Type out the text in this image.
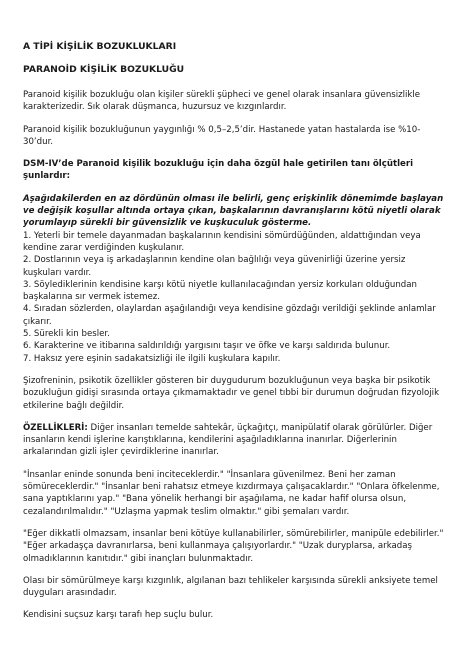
A TİPİ KİŞİLİK BOZUKLUKLARI
PARANOİD KİŞİLİK BOZUKLUĞU

Paranoid kişilik bozukluğu olan kişiler sürekli şüpheci ve genel olarak insanlara güvensizlikle karakterizedir. Sık olarak düşmanca, huzursuz ve kızgınlardır.

Paranoid kişilik bozukluğunun yaygınlığı % 0,5–2,5’dir. Hastanede yatan hastalarda ise %10-30’dur.

DSM-IV’de Paranoid kişilik bozukluğu için daha özgül hale getirilen tanı ölçütleri şunlardır:

Aşağıdakilerden en az dördünün olması ile belirli, genç erişkinlik dönemimde başlayan ve değişik koşullar altında ortaya çıkan, başkalarının davranışlarını kötü niyetli olarak yorumlayıp sürekli bir güvensizlik ve kuşkuculuk gösterme.

1. Yeterli bir temele dayanmadan başkalarının kendisini sömürdüğünden, aldattığından veya kendine zarar verdiğinden kuşkulanır.
2. Dostlarının veya iş arkadaşlarının kendine olan bağlılığı veya güvenirliği üzerine yersiz kuşkuları vardır.
3. Söylediklerinin kendisine karşı kötü niyetle kullanılacağından yersiz korkuları olduğundan başkalarına sır vermek istemez.
4. Sıradan sözlerden, olaylardan aşağılandığı veya kendisine gözdağı verildiği şeklinde anlamlar çıkarır.
5. Sürekli kin besler.
6. Karakterine ve itibarına saldırıldığı yargısını taşır ve öfke ve karşı saldırıda bulunur.
7. Haksız yere eşinin sadakatsizliği ile ilgili kuşkulara kapılır.

Şizofreninin, psikotik özellikler gösteren bir duygudurum bozukluğunun veya başka bir psikotik bozukluğun gidişi sırasında ortaya çıkmamaktadır ve genel tıbbi bir durumun doğrudan fizyolojik etkilerine bağlı değildir.

ÖZELLİKLERİ: Diğer insanları temelde sahtekâr, üçkağıtçı, manipülatif olarak görülürler. Diğer insanların kendi işlerine karıştıklarına, kendilerini aşağıladıklarına inanırlar. Diğerlerinin arkalarından gizli işler çevirdiklerine inanırlar.

"İnsanlar eninde sonunda beni inciteceklerdir." "İnsanlara güvenilmez. Beni her zaman sömüreceklerdir." "İnsanlar beni rahatsız etmeye kızdırmaya çalışacaklardır." "Onlara öfkelenme, sana yaptıklarını yap." "Bana yönelik herhangi bir aşağılama, ne kadar hafif olursa olsun, cezalandırılmalıdır." "Uzlaşma yapmak teslim olmaktır." gibi şemaları vardır.

"Eğer dikkatli olmazsam, insanlar beni kötüye kullanabilirler, sömürebilirler, manipüle edebilirler." "Eğer arkadaşça davranırlarsa, beni kullanmaya çalışıyorlardır." "Uzak durурlarsa, arkadaş olmadıklarının kanıtıdır." gibi inançları bulunmaktadır.

Olası bir sömürülmeye karşı kızgınlık, algılanan bazı tehlikeler karşısında sürekli anksiyete temel duyguları arasındadır.

Kendisini suçsuz karşı tarafı hep suçlu bulur.
